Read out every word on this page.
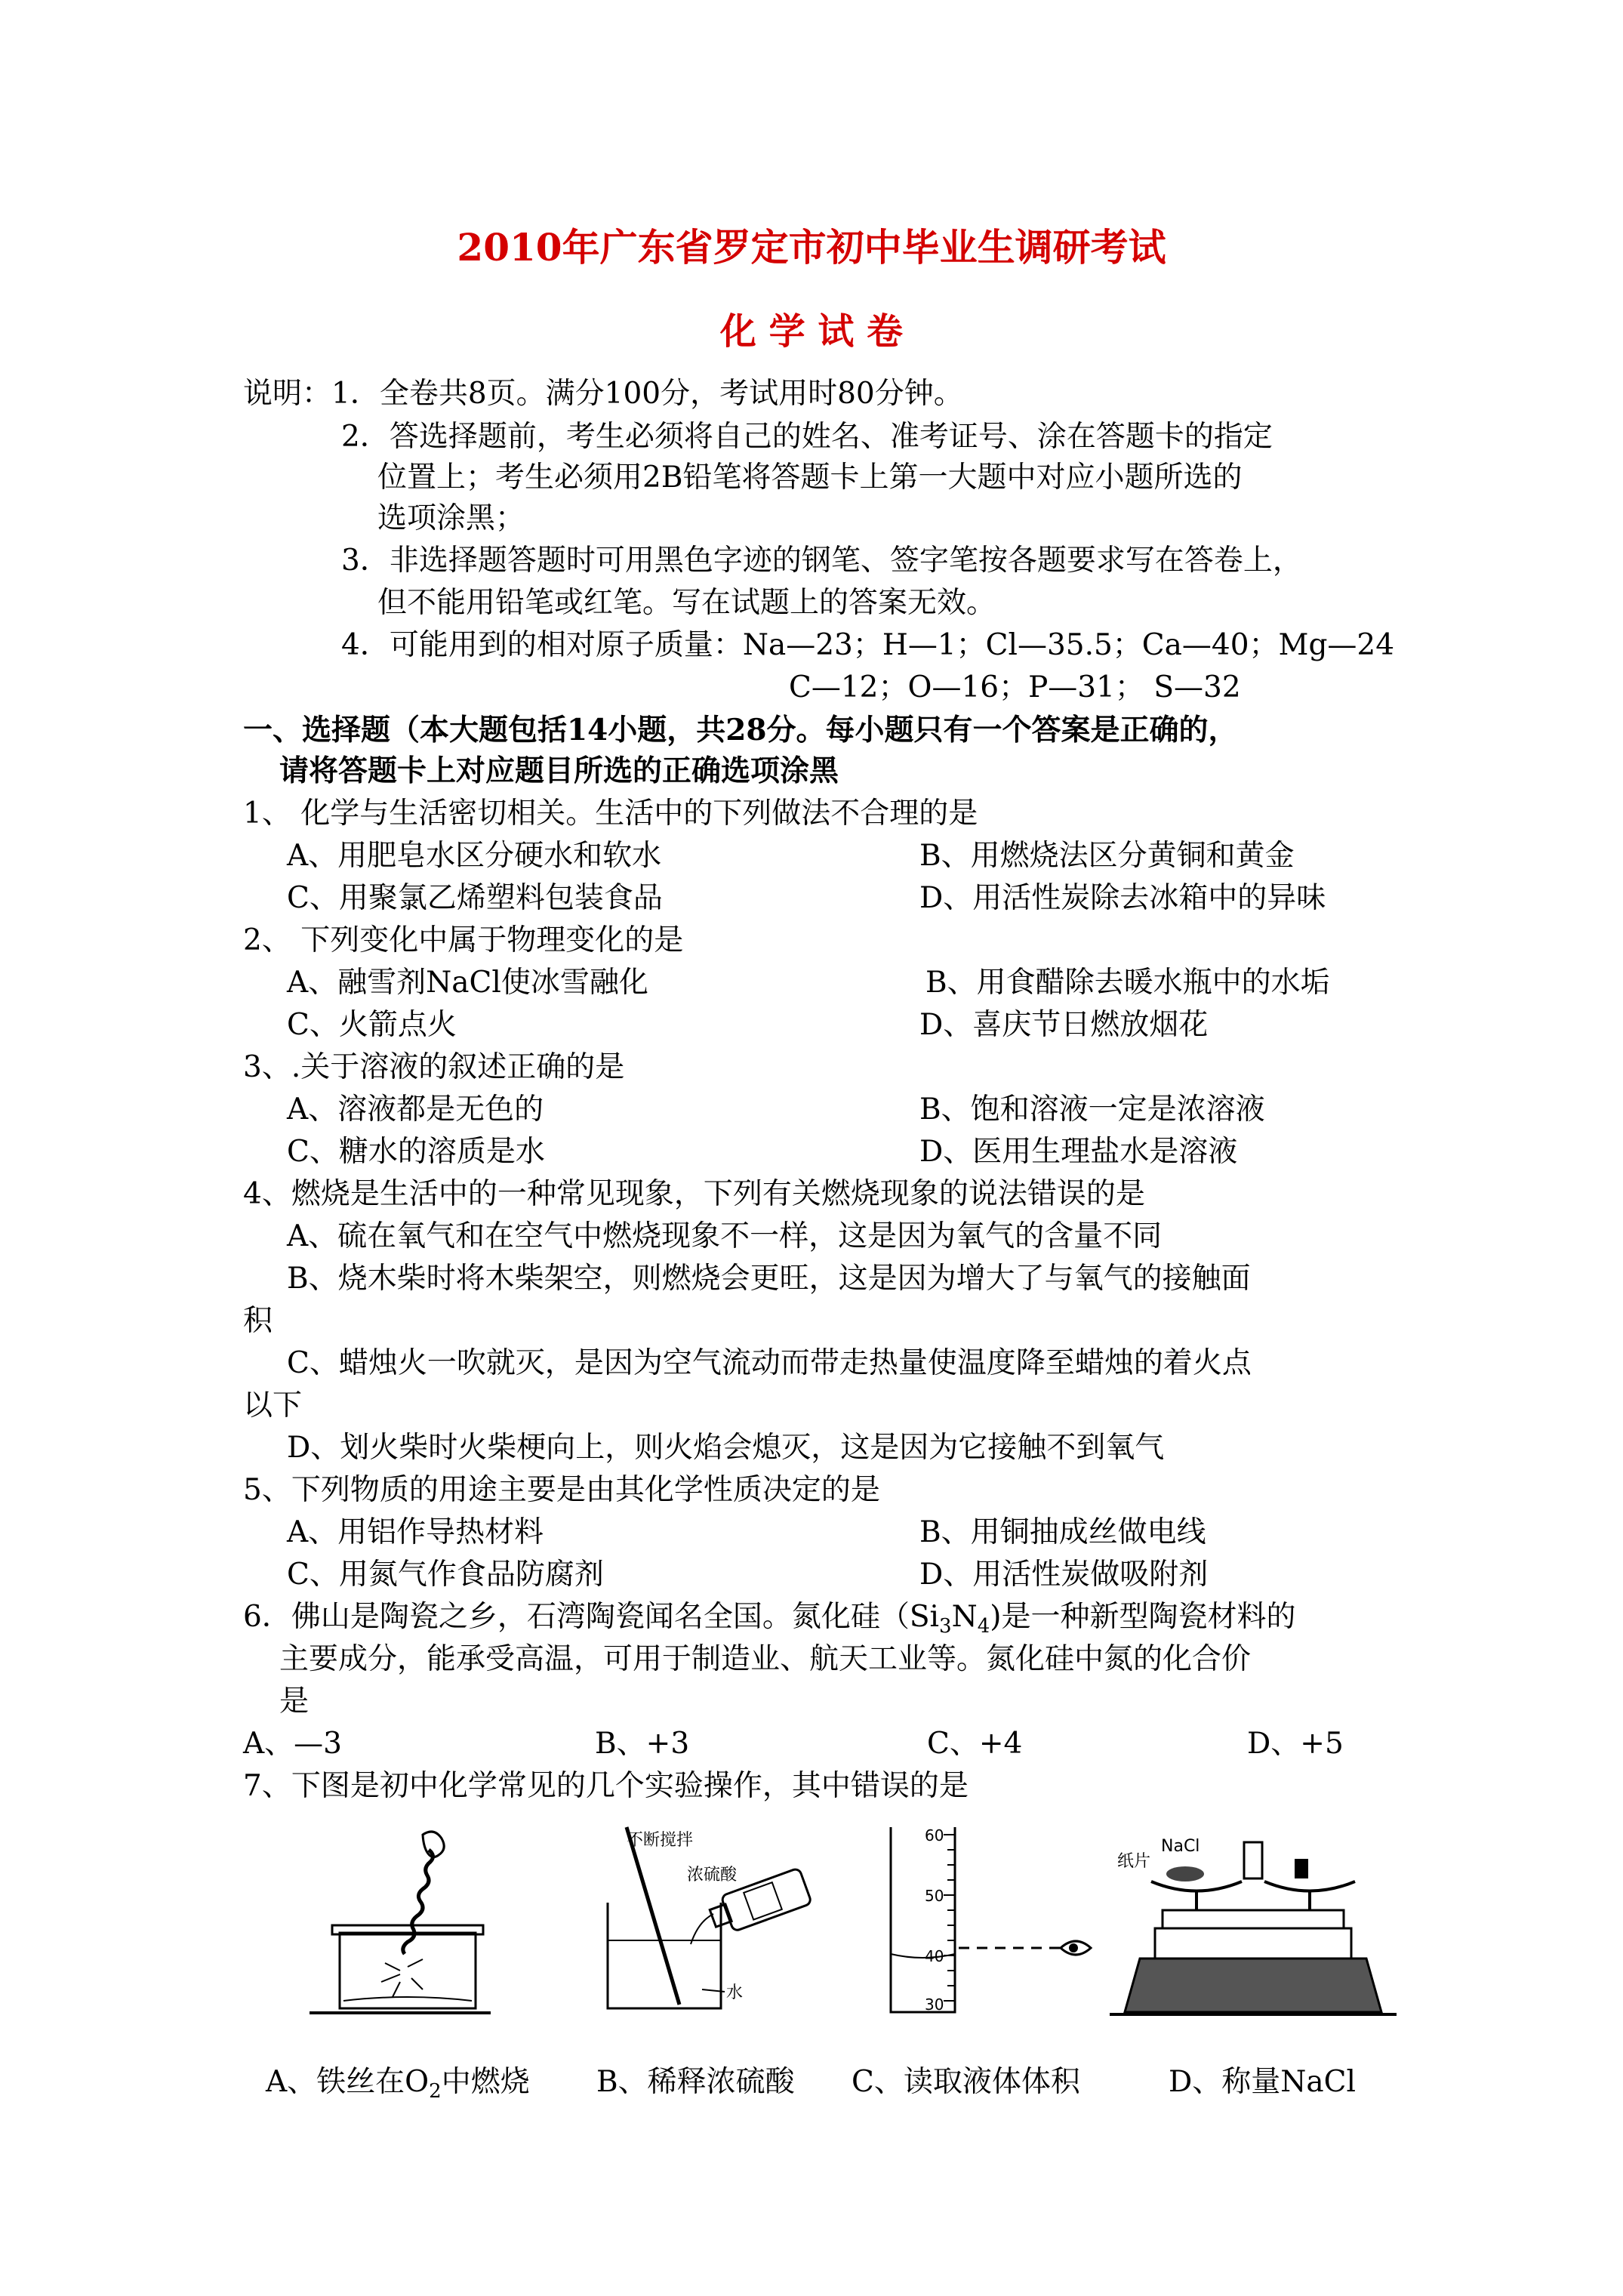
2010年广东省罗定市初中毕业生调研考试
化 学 试 卷
说明：1．全卷共8页。满分100分，考试用时80分钟。
2．答选择题前，考生必须将自己的姓名、准考证号、涂在答题卡的指定
位置上；考生必须用2B铅笔将答题卡上第一大题中对应小题所选的
选项涂黑；
3．非选择题答题时可用黑色字迹的钢笔、签字笔按各题要求写在答卷上，
但不能用铅笔或红笔。写在试题上的答案无效。
4．可能用到的相对原子质量：Na—23；H—1；Cl—35.5；Ca—40；Mg—24
C—12；O—16；P—31； S—32
一、选择题（本大题包括14小题，共28分。每小题只有一个答案是正确的，
请将答题卡上对应题目所选的正确选项涂黑
1、 化学与生活密切相关。生活中的下列做法不合理的是
A、用肥皂水区分硬水和软水	B、用燃烧法区分黄铜和黄金
C、用聚氯乙烯塑料包装食品	D、用活性炭除去冰箱中的异味
2、 下列变化中属于物理变化的是
A、融雪剂NaCl使冰雪融化	B、用食醋除去暖水瓶中的水垢
C、火箭点火	D、喜庆节日燃放烟花
3、.关于溶液的叙述正确的是
A、溶液都是无色的	B、饱和溶液一定是浓溶液
C、糖水的溶质是水	D、医用生理盐水是溶液
4、燃烧是生活中的一种常见现象，下列有关燃烧现象的说法错误的是
A、硫在氧气和在空气中燃烧现象不一样，这是因为氧气的含量不同
B、烧木柴时将木柴架空，则燃烧会更旺，这是因为增大了与氧气的接触面
积
C、蜡烛火一吹就灭，是因为空气流动而带走热量使温度降至蜡烛的着火点
以下
D、划火柴时火柴梗向上，则火焰会熄灭，这是因为它接触不到氧气
5、下列物质的用途主要是由其化学性质决定的是
A、用铝作导热材料	B、用铜抽成丝做电线
C、用氮气作食品防腐剂	D、用活性炭做吸附剂
6．佛山是陶瓷之乡，石湾陶瓷闻名全国。氮化硅$(Si_3N_4)$是一种新型陶瓷材料的
主要成分，能承受高温，可用于制造业、航天工业等。氮化硅中氮的化合价
是
A、—3	B、+3	C、+4	D、+5
7、下图是初中化学常见的几个实验操作，其中错误的是
不断搅拌
浓硫酸
水
60
50
40
30
纸片
NaCl
A、铁丝在$O_2$中燃烧 B、稀释浓硫酸 C、读取液体体积	D、称量NaCl
